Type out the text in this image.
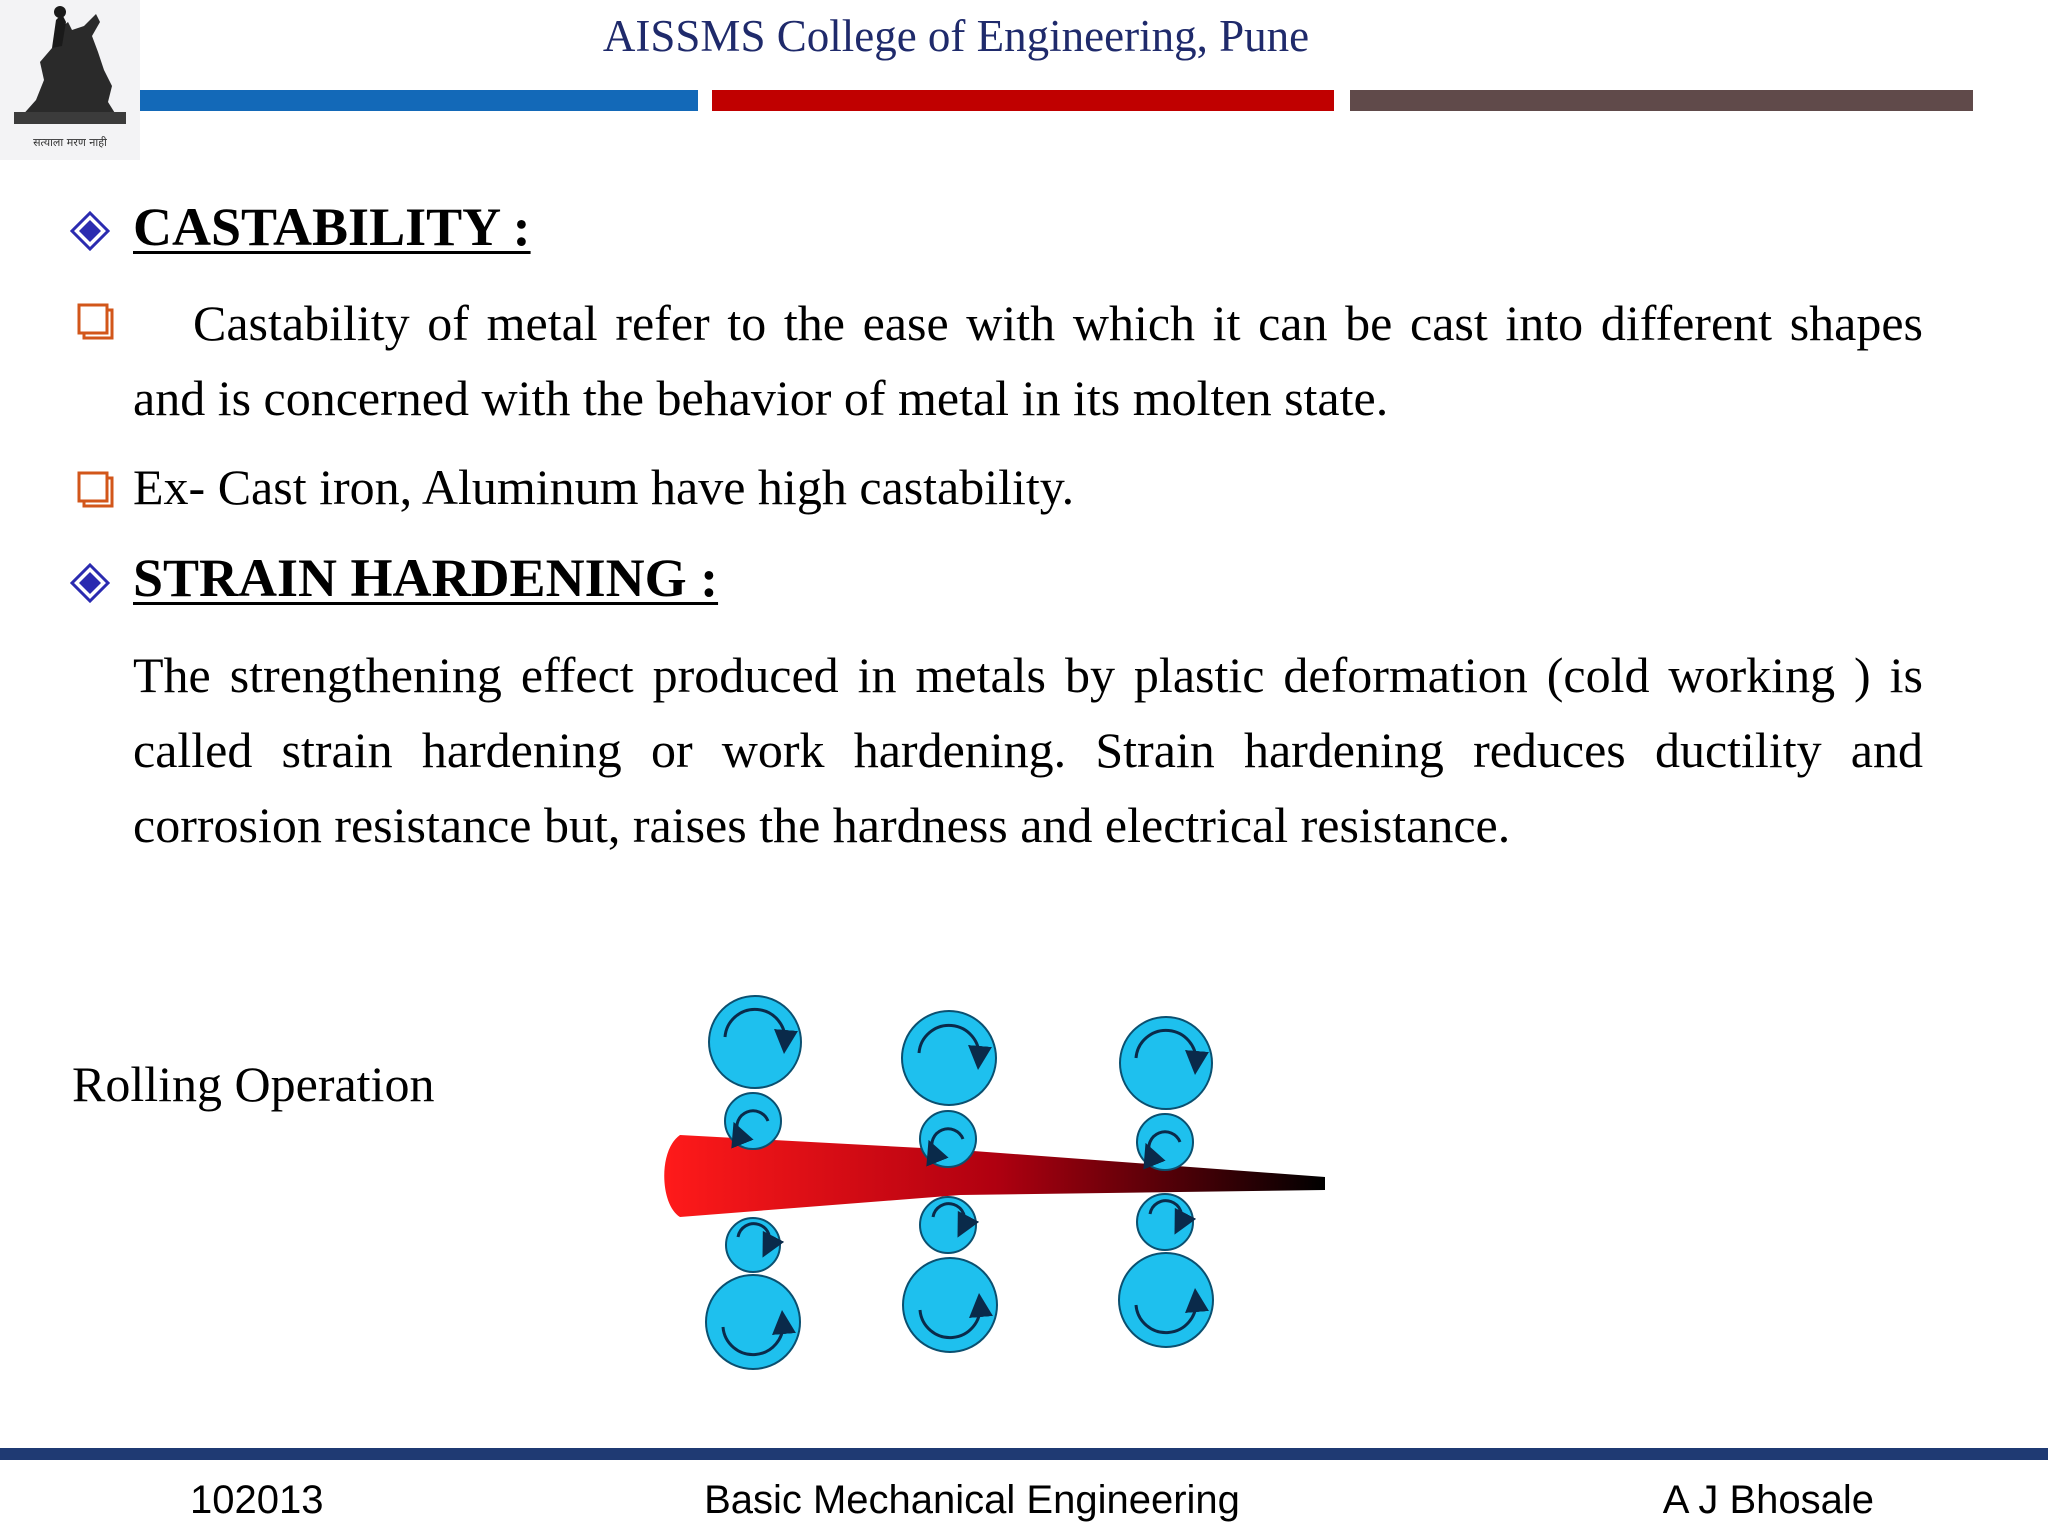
सत्याला मरण नाही
AISSMS College of Engineering, Pune
CASTABILITY :
Castability of metal refer to the ease with which it can be cast into different shapes and is concerned with the behavior of metal in its molten state.
Ex- Cast iron, Aluminum have high castability.
STRAIN HARDENING :
The strengthening effect produced in metals by plastic deformation (cold working ) is called strain hardening or work hardening. Strain hardening reduces ductility and corrosion resistance but, raises the hardness and electrical resistance.
Rolling Operation
102013	Basic Mechanical Engineering	A J Bhosale
